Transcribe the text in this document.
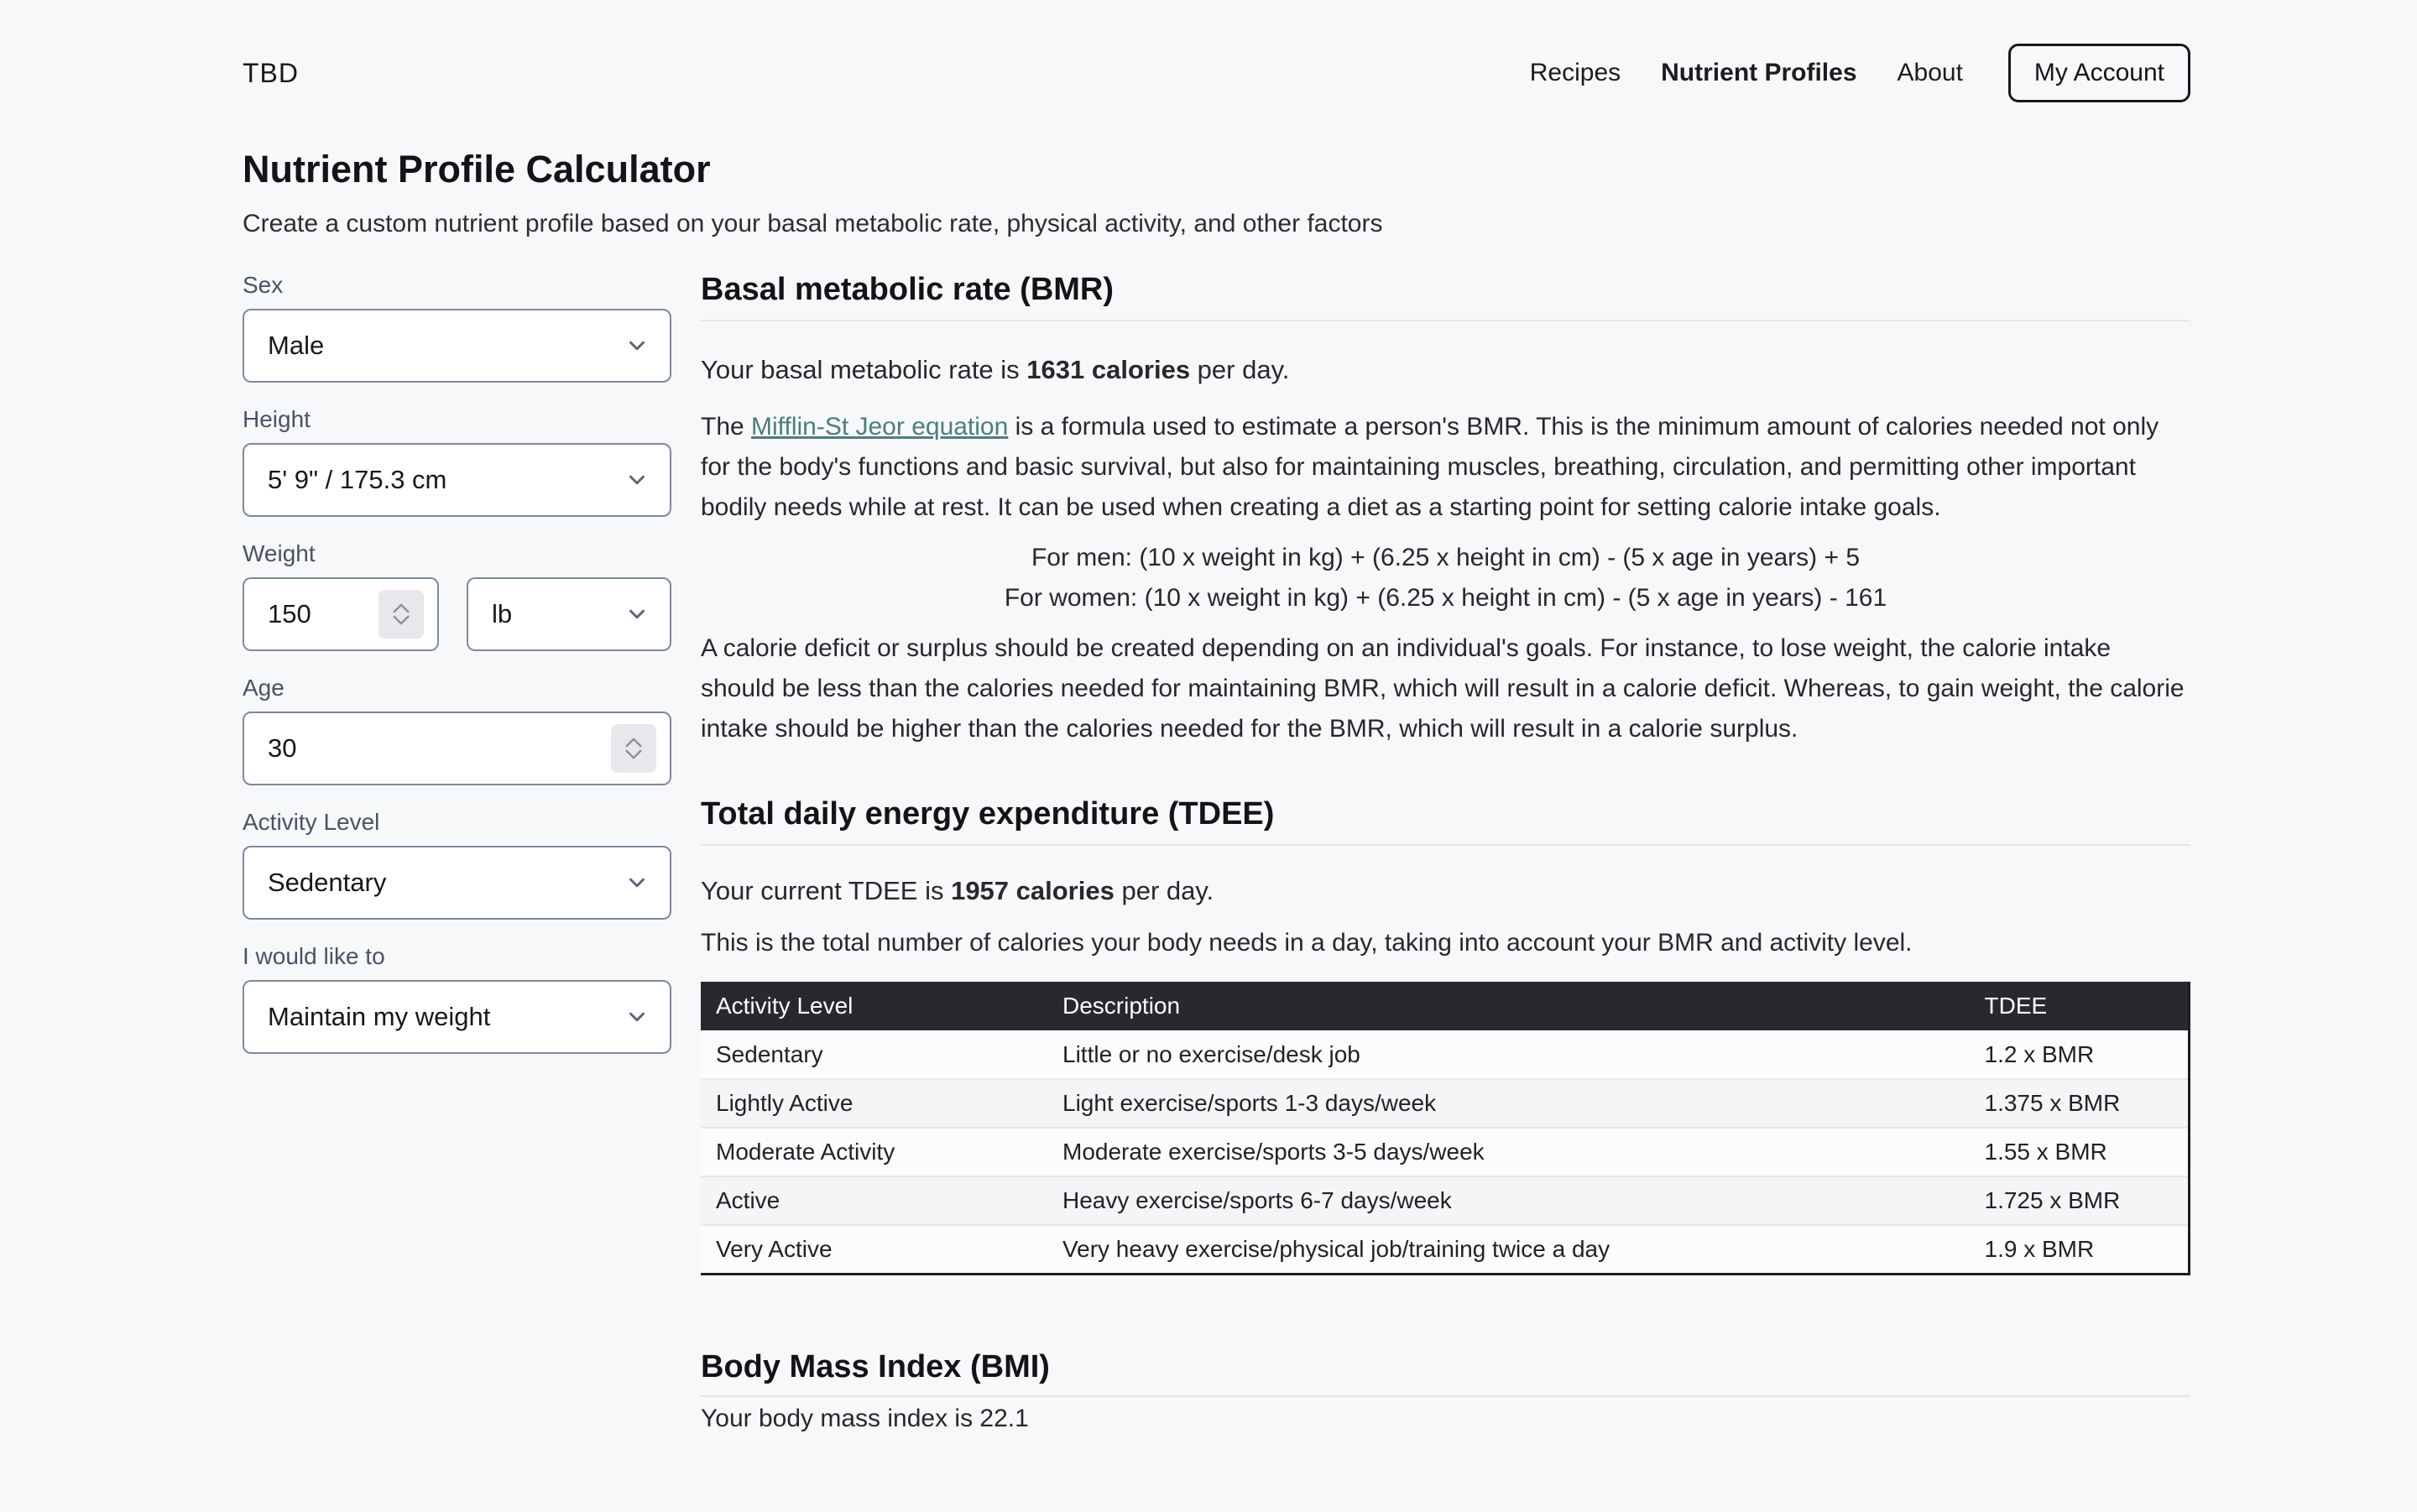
TBD	Recipes Nutrient Profiles About	My Account
Nutrient Profile Calculator
Create a custom nutrient profile based on your basal metabolic rate, physical activity, and other factors
Sex
Male
Height
5' 9" / 175.3 cm
Weight
150
lb
Age
30
Activity Level
Sedentary
I would like to
Maintain my weight
Basal metabolic rate (BMR)

Your basal metabolic rate is 1631 calories per day.

The Mifflin-St Jeor equation is a formula used to estimate a person's BMR. This is the minimum amount of calories needed not only for the body's functions and basic survival, but also for maintaining muscles, breathing, circulation, and permitting other important bodily needs while at rest. It can be used when creating a diet as a starting point for setting calorie intake goals.

For men: (10 x weight in kg) + (6.25 x height in cm) - (5 x age in years) + 5
For women: (10 x weight in kg) + (6.25 x height in cm) - (5 x age in years) - 161

A calorie deficit or surplus should be created depending on an individual's goals. For instance, to lose weight, the calorie intake should be less than the calories needed for maintaining BMR, which will result in a calorie deficit. Whereas, to gain weight, the calorie intake should be higher than the calories needed for the BMR, which will result in a calorie surplus.

Total daily energy expenditure (TDEE)

Your current TDEE is 1957 calories per day.

This is the total number of calories your body needs in a day, taking into account your BMR and activity level.

Activity Level	Description	TDEE
Sedentary	Little or no exercise/desk job	1.2 x BMR
Lightly Active	Light exercise/sports 1-3 days/week	1.375 x BMR
Moderate Activity	Moderate exercise/sports 3-5 days/week	1.55 x BMR
Active	Heavy exercise/sports 6-7 days/week	1.725 x BMR
Very Active	Very heavy exercise/physical job/training twice a day	1.9 x BMR
Body Mass Index (BMI)

Your body mass index is 22.1
